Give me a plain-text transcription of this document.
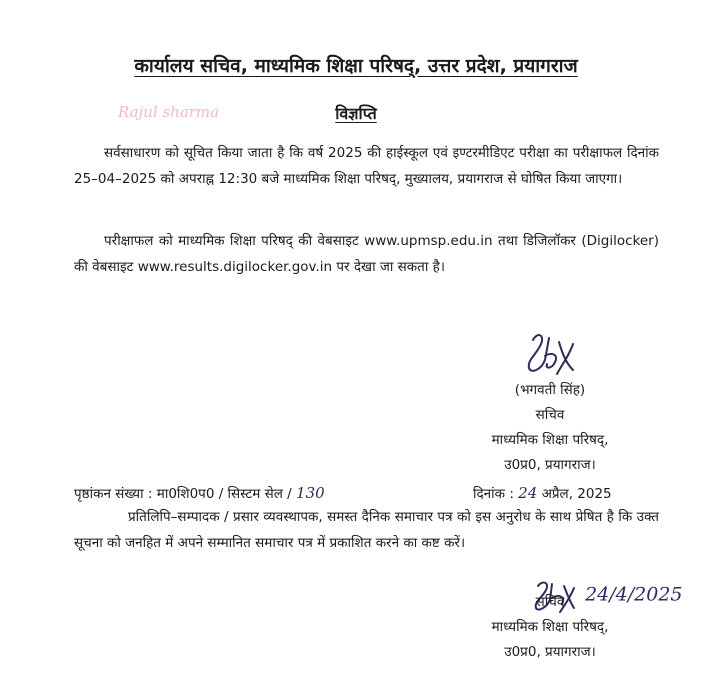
कार्यालय सचिव, माध्यमिक शिक्षा परिषद्, उत्तर प्रदेश, प्रयागराज
Rajul sharma	विज्ञप्ति

सर्वसाधारण को सूचित किया जाता है कि वर्ष 2025 की हाईस्कूल एवं इण्टरमीडिएट परीक्षा का परीक्षाफल दिनांक 25–04–2025 को अपराह्न 12:30 बजे माध्यमिक शिक्षा परिषद्, मुख्यालय, प्रयागराज से घोषित किया जाएगा।

परीक्षाफल को माध्यमिक शिक्षा परिषद् की वेबसाइट www.upmsp.edu.in तथा डिजिलॉकर (Digilocker) की वेबसाइट www.results.digilocker.gov.in पर देखा जा सकता है।

(भगवती सिंह)
सचिव
माध्यमिक शिक्षा परिषद्,
उ0प्र0, प्रयागराज।
पृष्ठांकन संख्या : मा0शि0प0 / सिस्टम सेल / 130	दिनांक : 24 अप्रैल, 2025

प्रतिलिपि–सम्पादक / प्रसार व्यवस्थापक, समस्त दैनिक समाचार पत्र को इस अनुरोध के साथ प्रेषित है कि उक्त सूचना को जनहित में अपने सम्मानित समाचार पत्र में प्रकाशित करने का कष्ट करें।

24/4/2025
सचिव
माध्यमिक शिक्षा परिषद्,
उ0प्र0, प्रयागराज।
